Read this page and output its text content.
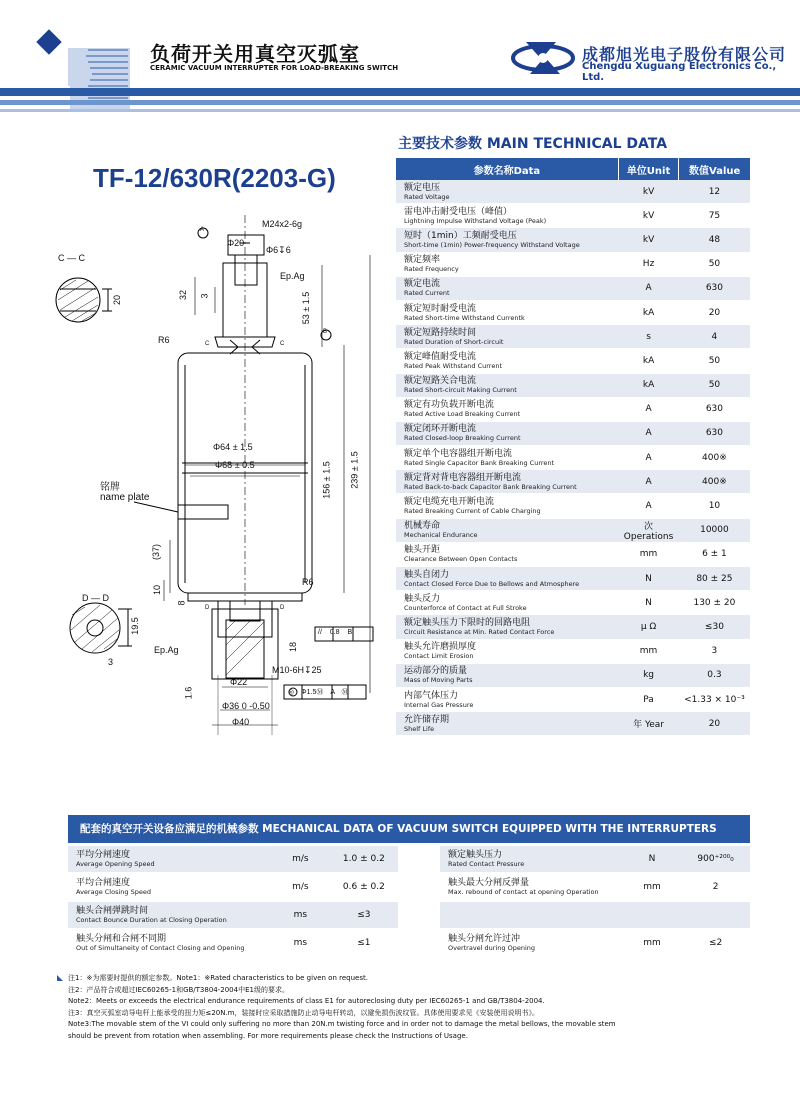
负荷开关用真空灭弧室
CERAMIC VACUUM INTERRUPTER FOR LOAD-BREAKING SWITCH
成都旭光电子股份有限公司
Chengdu Xuguang Electronics Co., Ltd.
TF-12/630R(2203-G)
主要技术参数 MAIN TECHNICAL DATA
参数名称Data	单位Unit	数值Value

额定电压
Rated Voltage	kV	12

雷电冲击耐受电压（峰值）
Lightning Impulse Withstand Voltage (Peak)	kV	75

短时（1min）工频耐受电压
Short-time (1min) Power-frequency Withstand Voltage	kV	48

额定频率
Rated Frequency	Hz	50

额定电流
Rated Current	A	630

额定短时耐受电流
Rated Short-time Withstand Currentk	kA	20

额定短路持续时间
Rated Duration of Short-circuit	s	4

额定峰值耐受电流
Rated Peak Withstand Current	kA	50

额定短路关合电流
Rated Short-circuit Making Current	kA	50

额定有功负载开断电流
Rated Active Load Breaking Current	A	630

额定闭环开断电流
Rated Closed-loop Breaking Current	A	630

额定单个电容器组开断电流
Rated Single Capacitor Bank Breaking Current	A	400※

额定背对背电容器组开断电流
Rated Back-to-back Capacitor Bank Breaking Current	A	400※

额定电缆充电开断电流
Rated Breaking Current of Cable Charging	A	10

机械寿命
Mechanical Endurance	次 Operations	10000

触头开距
Clearance Between Open Contacts	mm	6 ± 1

触头自闭力
Contact Closed Force Due to Bellows and Atmosphere	N	80 ± 25

触头反力
Counterforce of Contact at Full Stroke	N	130 ± 20

额定触头压力下限时的回路电阻
Circuit Resistance at Min. Rated Contact Force	μ Ω	≤30

触头允许磨损厚度
Contact Limit Erosion	mm	3

运动部分的质量
Mass of Moving Parts	kg	0.3

内部气体压力
Internal Gas Pressure	Pa	<1.33 × 10⁻³

允许储存期
Shelf Life	年 Year	20
C — C
20
A
M24x2-6g
Φ20
Φ6↧6
Ep.Ag
32 3	53 ± 1.5
B
R6	C	C
Φ64 ± 1.5
Φ68 ± 0.5
铭牌
name plate	156 ± 1.5 239 ± 1.5
(37)
10
8
R6
D — D
D	D
19.5
3
Ep.Ag	18
// 0.8 B
M10-6H↧25
1.6
Φ22
◎ Φ1.5Ⓜ A Ⓜ
Φ36 0 -0.50
Φ40
配套的真空开关设备应满足的机械参数 MECHANICAL DATA OF VACUUM SWITCH EQUIPPED WITH THE INTERRUPTERS
平均分闸速度
Average Opening Speed	m/s	1.0 ± 0.2

平均合闸速度
Average Closing Speed	m/s	0.6 ± 0.2

触头合闸弹跳时间
Contact Bounce Duration at Closing Operation	ms	≤3

触头分闸和合闸不同期
Out of Simultaneity of Contact Closing and Opening	ms	≤1
额定触头压力
Rated Contact Pressure	N	900⁺²⁰⁰₀

触头最大分闸反弹量
Max. rebound of contact at opening Operation	mm	2

触头分闸允许过冲
Overtravel during Opening	mm	≤2
注1：※为需要时提供的额定参数。Note1：※Rated characteristics to be given on request.
注2：产品符合或超过IEC60265-1和GB/T3804-2004中E1级的要求。
Note2：Meets or exceeds the electrical endurance requirements of class E1 for autoreclosing duty per IEC60265-1 and GB/T3804-2004.
注3：真空灭弧室动导电杆上能承受的扭力矩≤20N.m，装接时应采取措施防止动导电杆转动，以避免损伤波纹管。具体使用要求见《安装使用说明书》。
Note3:The movable stem of the VI could only suffering no more than 20N.m twisting force and in order not to damage the metal bellows, the movable stem
should be prevent from rotation when assembling. For more requirements please check the Instructions of Usage.
